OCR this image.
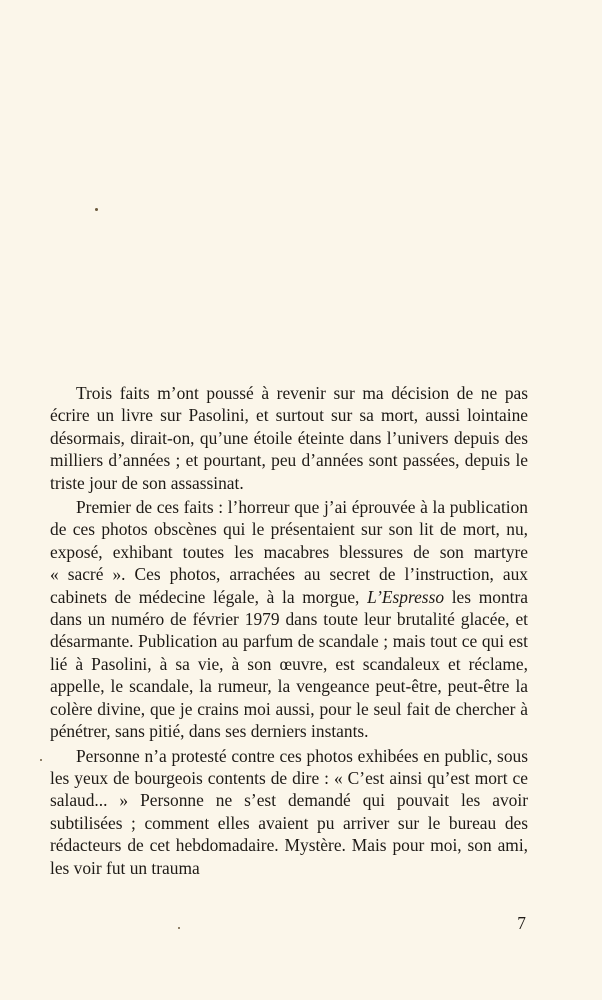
Trois faits m’ont poussé à revenir sur ma décision de ne pas écrire un livre sur Pasolini, et surtout sur sa mort, aussi lointaine désormais, dirait-on, qu’une étoile éteinte dans l’univers depuis des milliers d’années ; et pourtant, peu d’années sont passées, depuis le triste jour de son assassinat.

Premier de ces faits : l’horreur que j’ai éprouvée à la publication de ces photos obscènes qui le présentaient sur son lit de mort, nu, exposé, exhibant toutes les macabres blessures de son martyre « sacré ». Ces photos, arrachées au secret de l’instruction, aux cabinets de médecine légale, à la morgue, L’Espresso les montra dans un numéro de février 1979 dans toute leur brutalité glacée, et désarmante. Publication au parfum de scandale ; mais tout ce qui est lié à Pasolini, à sa vie, à son œuvre, est scandaleux et réclame, appelle, le scandale, la rumeur, la vengeance peut-être, peut-être la colère divine, que je crains moi aussi, pour le seul fait de chercher à pénétrer, sans pitié, dans ses derniers instants.

Personne n’a protesté contre ces photos exhibées en public, sous les yeux de bourgeois contents de dire : « C’est ainsi qu’est mort ce salaud... » Personne ne s’est demandé qui pouvait les avoir subtilisées ; comment elles avaient pu arriver sur le bureau des rédacteurs de cet hebdomadaire. Mystère. Mais pour moi, son ami, les voir fut un trauma

7
